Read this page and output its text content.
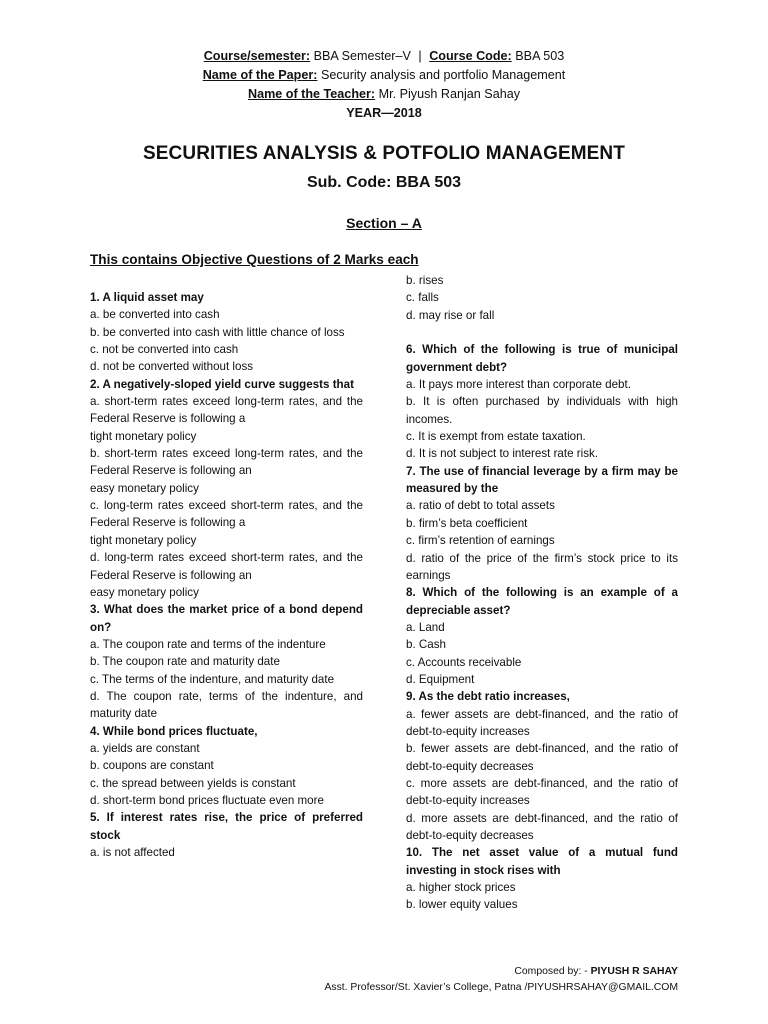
Course/semester: BBA Semester–V | Course Code: BBA 503
Name of the Paper: Security analysis and portfolio Management
Name of the Teacher: Mr. Piyush Ranjan Sahay
YEAR—2018
SECURITIES ANALYSIS & POTFOLIO MANAGEMENT
Sub. Code: BBA 503
Section – A
This contains Objective Questions of 2 Marks each
1. A liquid asset may
a. be converted into cash
b. be converted into cash with little chance of loss
c. not be converted into cash
d. not be converted without loss
2. A negatively-sloped yield curve suggests that
a. short-term rates exceed long-term rates, and the Federal Reserve is following a
tight monetary policy
b. short-term rates exceed long-term rates, and the Federal Reserve is following an
easy monetary policy
c. long-term rates exceed short-term rates, and the Federal Reserve is following a
tight monetary policy
d. long-term rates exceed short-term rates, and the Federal Reserve is following an
easy monetary policy
3. What does the market price of a bond depend on?
a. The coupon rate and terms of the indenture
b. The coupon rate and maturity date
c. The terms of the indenture, and maturity date
d. The coupon rate, terms of the indenture, and maturity date
4. While bond prices fluctuate,
a. yields are constant
b. coupons are constant
c. the spread between yields is constant
d. short-term bond prices fluctuate even more
5. If interest rates rise, the price of preferred stock
a. is not affected
b. rises
c. falls
d. may rise or fall
6. Which of the following is true of municipal government debt?
a. It pays more interest than corporate debt.
b. It is often purchased by individuals with high incomes.
c. It is exempt from estate taxation.
d. It is not subject to interest rate risk.
7. The use of financial leverage by a firm may be measured by the
a. ratio of debt to total assets
b. firm’s beta coefficient
c. firm’s retention of earnings
d. ratio of the price of the firm’s stock price to its earnings
8. Which of the following is an example of a depreciable asset?
a. Land
b. Cash
c. Accounts receivable
d. Equipment
9. As the debt ratio increases,
a. fewer assets are debt-financed, and the ratio of debt-to-equity increases
b. fewer assets are debt-financed, and the ratio of debt-to-equity decreases
c. more assets are debt-financed, and the ratio of debt-to-equity increases
d. more assets are debt-financed, and the ratio of debt-to-equity decreases
10. The net asset value of a mutual fund investing in stock rises with
a. higher stock prices
b. lower equity values
Composed by: - PIYUSH R SAHAY
Asst. Professor/St. Xavier’s College, Patna /PIYUSHRSAHAY@GMAIL.COM
